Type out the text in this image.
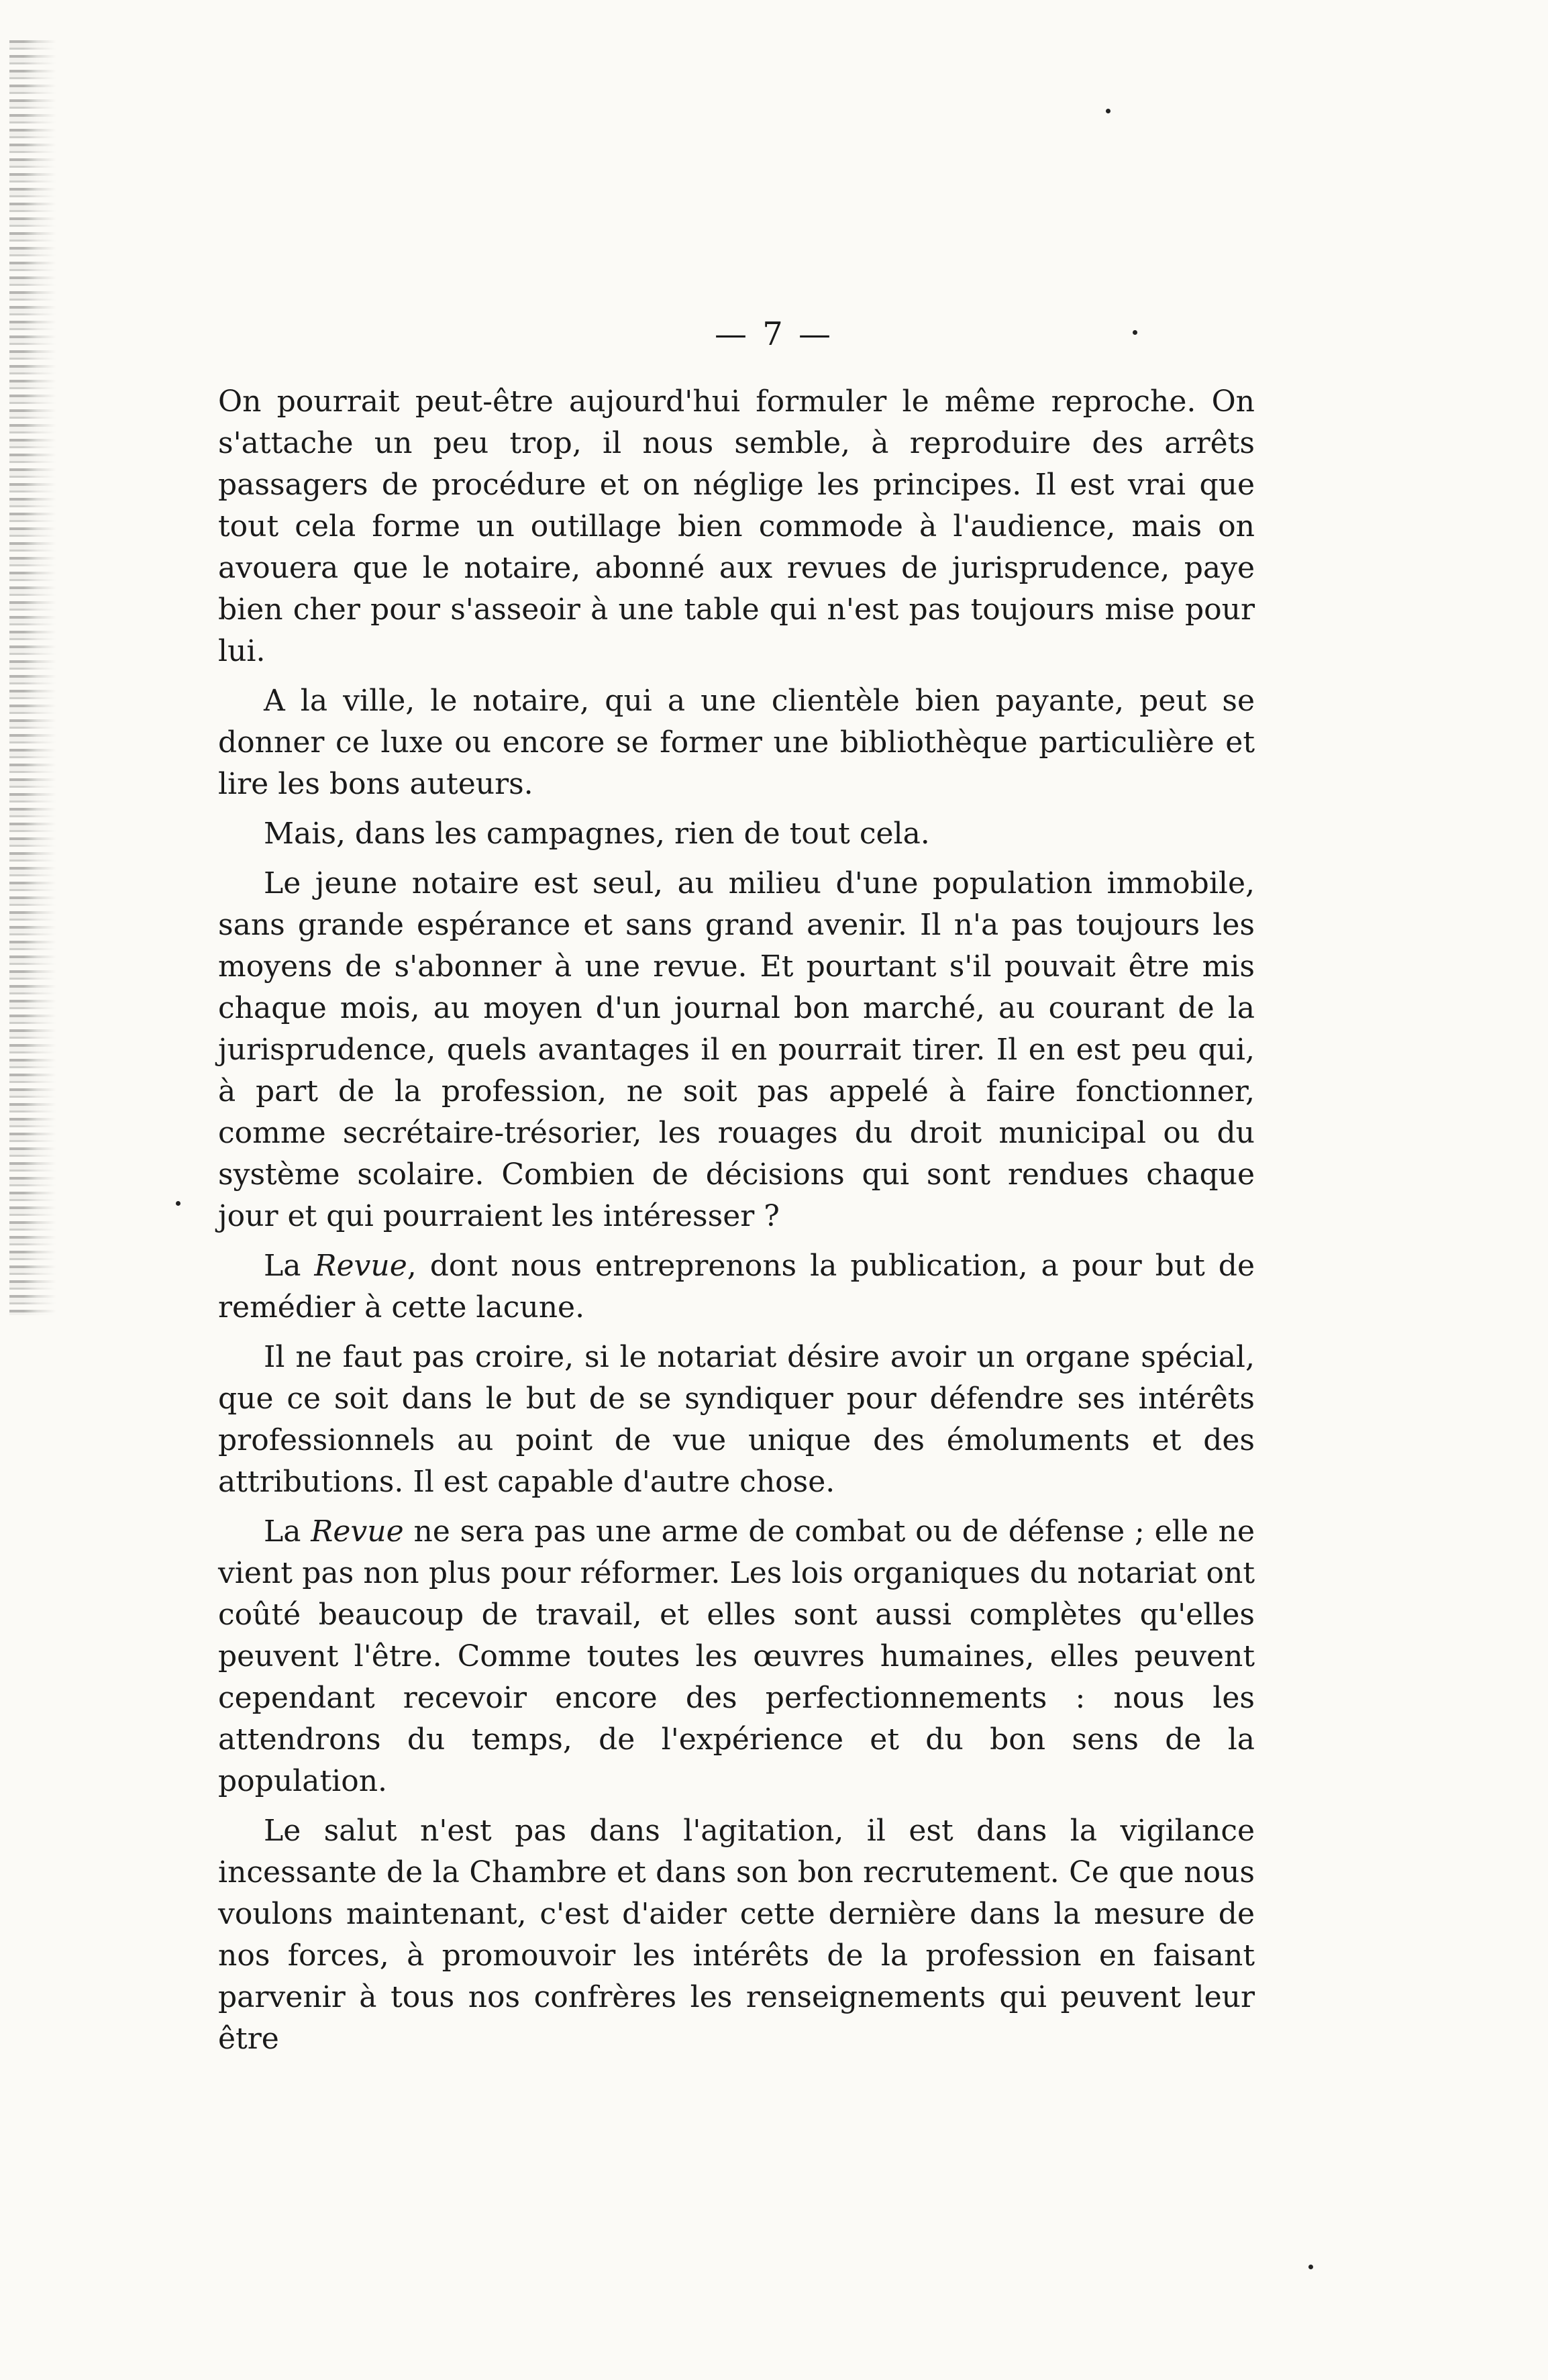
— 7 —

On pourrait peut-être aujourd'hui formuler le même reproche. On s'attache un peu trop, il nous semble, à reproduire des arrêts passagers de procédure et on néglige les principes. Il est vrai que tout cela forme un outillage bien commode à l'audience, mais on avouera que le notaire, abonné aux revues de jurisprudence, paye bien cher pour s'asseoir à une table qui n'est pas toujours mise pour lui.

A la ville, le notaire, qui a une clientèle bien payante, peut se donner ce luxe ou encore se former une bibliothèque particulière et lire les bons auteurs.

Mais, dans les campagnes, rien de tout cela.

Le jeune notaire est seul, au milieu d'une population immobile, sans grande espérance et sans grand avenir. Il n'a pas toujours les moyens de s'abonner à une revue. Et pourtant s'il pouvait être mis chaque mois, au moyen d'un journal bon marché, au courant de la jurisprudence, quels avantages il en pourrait tirer. Il en est peu qui, à part de la profession, ne soit pas appelé à faire fonctionner, comme secrétaire-trésorier, les rouages du droit municipal ou du système scolaire. Combien de décisions qui sont rendues chaque jour et qui pourraient les intéresser ?

La Revue, dont nous entreprenons la publication, a pour but de remédier à cette lacune.

Il ne faut pas croire, si le notariat désire avoir un organe spécial, que ce soit dans le but de se syndiquer pour défendre ses intérêts professionnels au point de vue unique des émoluments et des attributions. Il est capable d'autre chose.

La Revue ne sera pas une arme de combat ou de défense ; elle ne vient pas non plus pour réformer. Les lois organiques du notariat ont coûté beaucoup de travail, et elles sont aussi complètes qu'elles peuvent l'être. Comme toutes les œuvres humaines, elles peuvent cependant recevoir encore des perfectionnements : nous les attendrons du temps, de l'expérience et du bon sens de la population.

Le salut n'est pas dans l'agitation, il est dans la vigilance incessante de la Chambre et dans son bon recrutement. Ce que nous voulons maintenant, c'est d'aider cette dernière dans la mesure de nos forces, à promouvoir les intérêts de la profession en faisant parvenir à tous nos confrères les renseignements qui peuvent leur être
